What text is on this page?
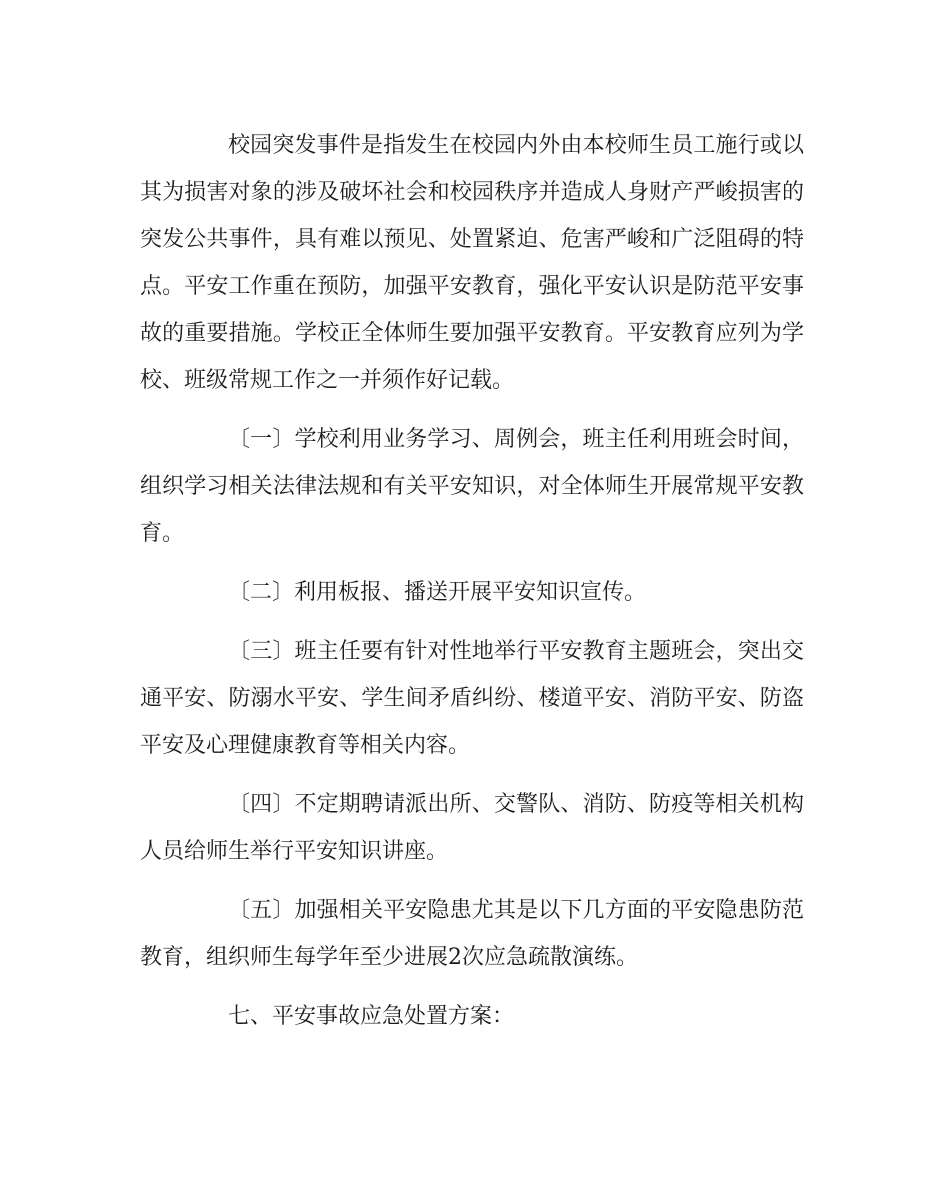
校园突发事件是指发生在校园内外由本校师生员工施行或以其为损害对象的涉及破坏社会和校园秩序并造成人身财产严峻损害的突发公共事件，具有难以预见、处置紧迫、危害严峻和广泛阻碍的特点。平安工作重在预防，加强平安教育，强化平安认识是防范平安事故的重要措施。学校正全体师生要加强平安教育。平安教育应列为学校、班级常规工作之一并须作好记载。

〔一〕学校利用业务学习、周例会，班主任利用班会时间，组织学习相关法律法规和有关平安知识，对全体师生开展常规平安教育。

〔二〕利用板报、播送开展平安知识宣传。

〔三〕班主任要有针对性地举行平安教育主题班会，突出交通平安、防溺水平安、学生间矛盾纠纷、楼道平安、消防平安、防盗平安及心理健康教育等相关内容。

〔四〕不定期聘请派出所、交警队、消防、防疫等相关机构人员给师生举行平安知识讲座。

〔五〕加强相关平安隐患尤其是以下几方面的平安隐患防范教育，组织师生每学年至少进展2次应急疏散演练。

七、平安事故应急处置方案：
